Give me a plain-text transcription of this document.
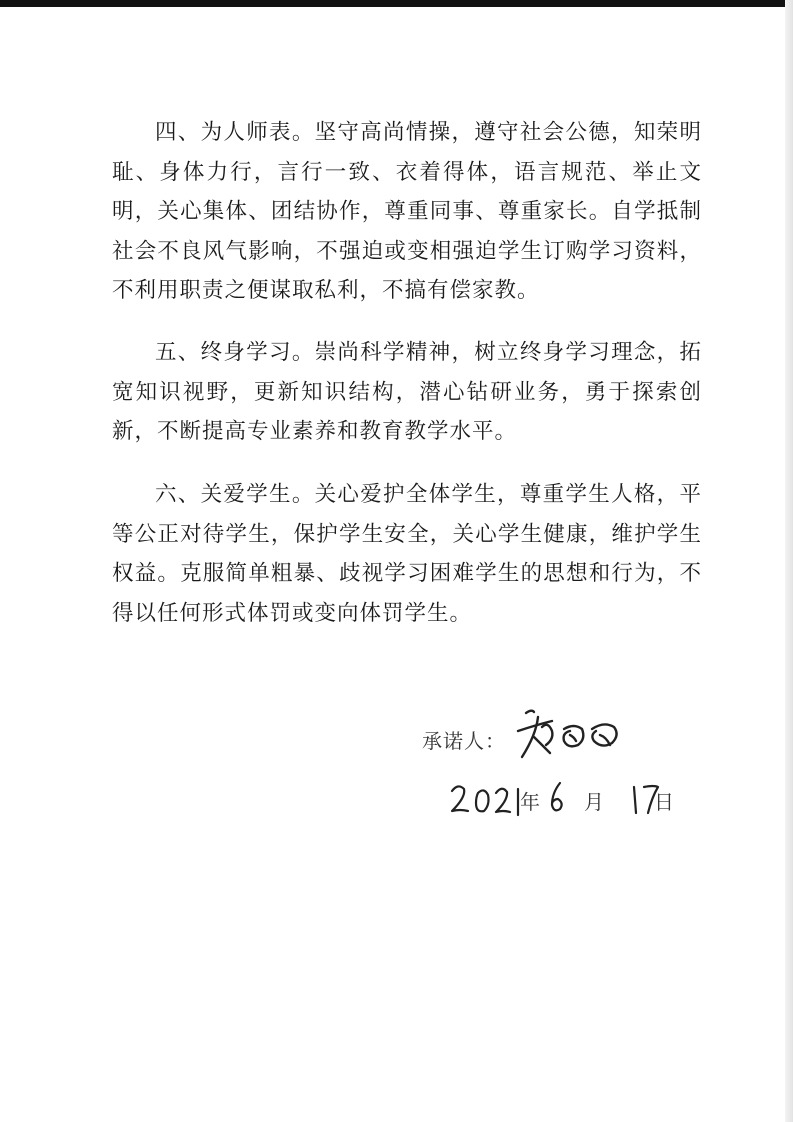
四、为人师表。坚守高尚情操，遵守社会公德，知荣明耻、身体力行，言行一致、衣着得体，语言规范、举止文明，关心集体、团结协作，尊重同事、尊重家长。自学抵制社会不良风气影响，不强迫或变相强迫学生订购学习资料，不利用职责之便谋取私利，不搞有偿家教。

五、终身学习。崇尚科学精神，树立终身学习理念，拓宽知识视野，更新知识结构，潜心钻研业务，勇于探索创新，不断提高专业素养和教育教学水平。

六、关爱学生。关心爱护全体学生，尊重学生人格，平等公正对待学生，保护学生安全，关心学生健康，维护学生权益。克服简单粗暴、歧视学习困难学生的思想和行为，不得以任何形式体罚或变向体罚学生。

承诺人：
年 月	日
